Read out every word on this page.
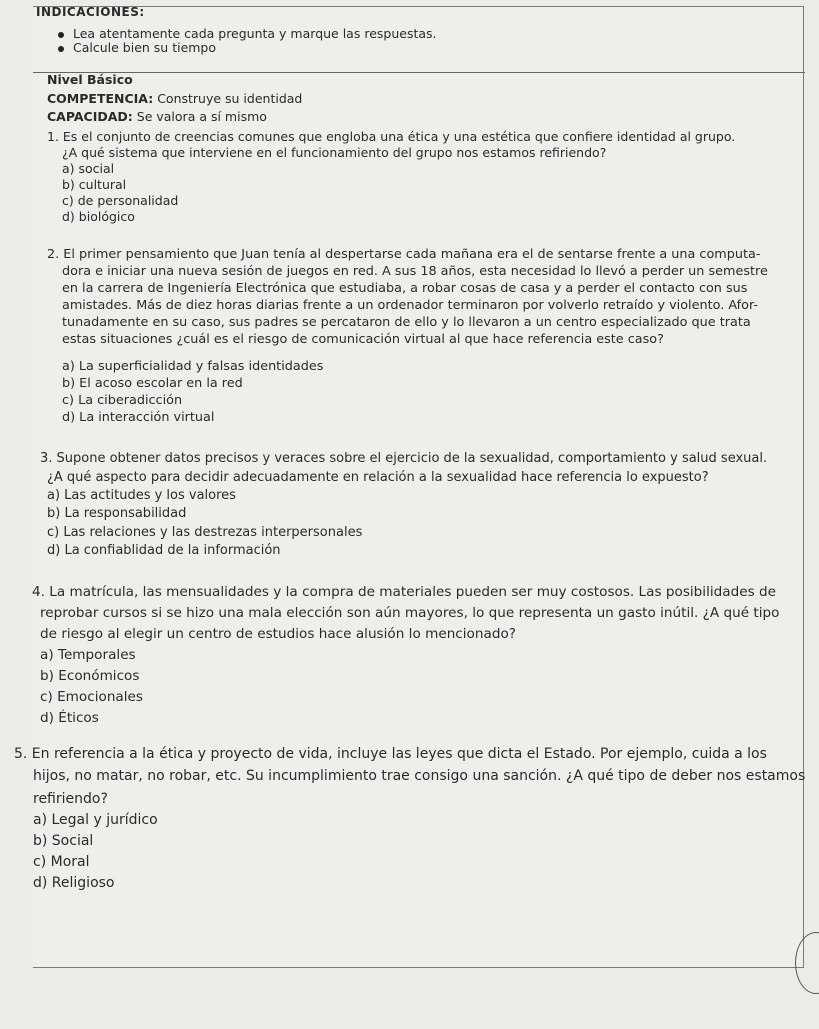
INDICACIONES:
Lea atentamente cada pregunta y marque las respuestas.
Calcule bien su tiempo
Nivel Básico
COMPETENCIA: Construye su identidad
CAPACIDAD: Se valora a sí mismo
1. Es el conjunto de creencias comunes que engloba una ética y una estética que confiere identidad al grupo.
¿A qué sistema que interviene en el funcionamiento del grupo nos estamos refiriendo?
a) social
b) cultural
c) de personalidad
d) biológico
2. El primer pensamiento que Juan tenía al despertarse cada mañana era el de sentarse frente a una computa-
dora e iniciar una nueva sesión de juegos en red. A sus 18 años, esta necesidad lo llevó a perder un semestre
en la carrera de Ingeniería Electrónica que estudiaba, a robar cosas de casa y a perder el contacto con sus
amistades. Más de diez horas diarias frente a un ordenador terminaron por volverlo retraído y violento. Afor-
tunadamente en su caso, sus padres se percataron de ello y lo llevaron a un centro especializado que trata
estas situaciones ¿cuál es el riesgo de comunicación virtual al que hace referencia este caso?
a) La superficialidad y falsas identidades
b) El acoso escolar en la red
c) La ciberadicción
d) La interacción virtual
3. Supone obtener datos precisos y veraces sobre el ejercicio de la sexualidad, comportamiento y salud sexual.
¿A qué aspecto para decidir adecuadamente en relación a la sexualidad hace referencia lo expuesto?
a) Las actitudes y los valores
b) La responsabilidad
c) Las relaciones y las destrezas interpersonales
d) La confiablidad de la información
4. La matrícula, las mensualidades y la compra de materiales pueden ser muy costosos. Las posibilidades de
reprobar cursos si se hizo una mala elección son aún mayores, lo que representa un gasto inútil. ¿A qué tipo
de riesgo al elegir un centro de estudios hace alusión lo mencionado?
a) Temporales
b) Económicos
c) Emocionales
d) Éticos
5. En referencia a la ética y proyecto de vida, incluye las leyes que dicta el Estado. Por ejemplo, cuida a los
hijos, no matar, no robar, etc. Su incumplimiento trae consigo una sanción. ¿A qué tipo de deber nos estamos
refiriendo?
a) Legal y jurídico
b) Social
c) Moral
d) Religioso
